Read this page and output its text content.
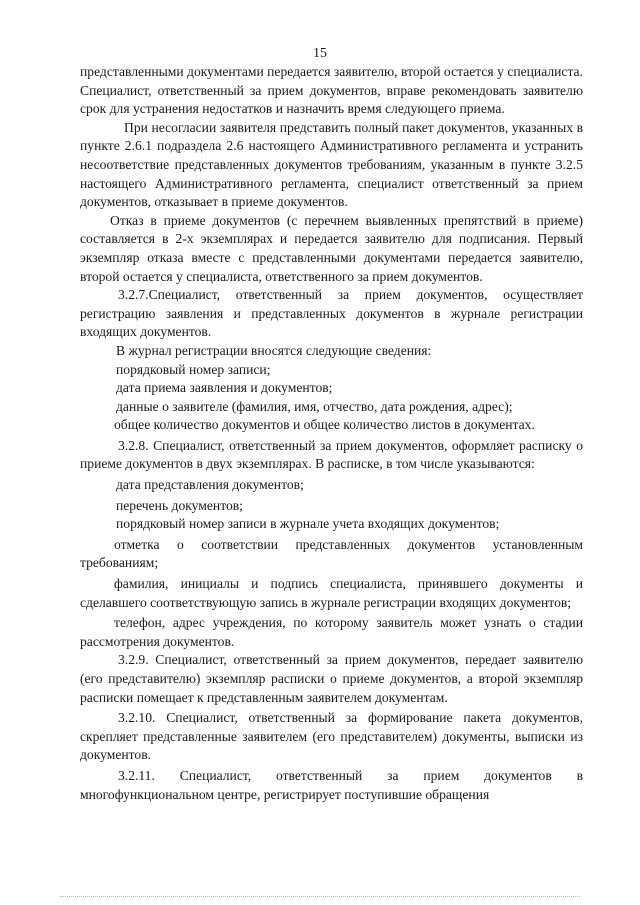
15

представленными документами передается заявителю, второй остается у специалиста. Специалист, ответственный за прием документов, вправе рекомендовать заявителю срок для устранения недостатков и назначить время следующего приема.

При несогласии заявителя представить полный пакет документов, указанных в пункте 2.6.1 подраздела 2.6 настоящего Административного регламента и устранить несоответствие представленных документов требованиям, указанным в пункте 3.2.5 настоящего Административного регламента, специалист ответственный за прием документов, отказывает в приеме документов.

Отказ в приеме документов (с перечнем выявленных препятствий в приеме) составляется в 2-х экземплярах и передается заявителю для подписания. Первый экземпляр отказа вместе с представленными документами передается заявителю, второй остается у специалиста, ответственного за прием документов.

3.2.7.Специалист, ответственный за прием документов, осуществляет регистрацию заявления и представленных документов в журнале регистрации входящих документов.

В журнал регистрации вносятся следующие сведения:

порядковый номер записи;

дата приема заявления и документов;

данные о заявителе (фамилия, имя, отчество, дата рождения, адрес);

общее количество документов и общее количество листов в документах.

3.2.8. Специалист, ответственный за прием документов, оформляет расписку о приеме документов в двух экземплярах. В расписке, в том числе указываются:

дата представления документов;

перечень документов;

порядковый номер записи в журнале учета входящих документов;

отметка о соответствии представленных документов установленным требованиям;

фамилия, инициалы и подпись специалиста, принявшего документы и сделавшего соответствующую запись в журнале регистрации входящих документов;

телефон, адрес учреждения, по которому заявитель может узнать о стадии рассмотрения документов.

3.2.9. Специалист, ответственный за прием документов, передает заявителю (его представителю) экземпляр расписки о приеме документов, а второй экземпляр расписки помещает к представленным заявителем документам.

3.2.10. Специалист, ответственный за формирование пакета документов, скрепляет представленные заявителем (его представителем) документы, выписки из документов.

3.2.11. Специалист, ответственный за прием документов в многофункциональном центре, регистрирует поступившие обращения
